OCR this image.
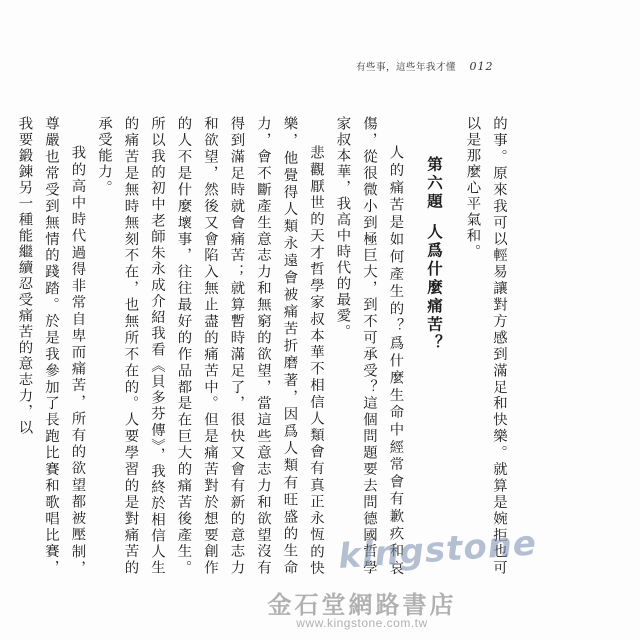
有些事，這些年我才懂 012

的事。原來我可以輕易讓對方感到滿足和快樂。就算是婉拒也可以是那麼心平氣和。

第六題人爲什麼痛苦？

人的痛苦是如何產生的？爲什麼生命中經常會有歉疚和哀傷，從很微小到極巨大，到不可承受？這個問題要去問德國哲學家叔本華，我高中時代的最愛。

悲觀厭世的天才哲學家叔本華不相信人類會有真正永恆的快樂，他覺得人類永遠會被痛苦折磨著，因爲人類有旺盛的生命力，會不斷產生意志力和無窮的欲望，當這些意志力和欲望沒有得到滿足時就會痛苦；就算暫時滿足了，很快又會有新的意志力和欲望，然後又會陷入無止盡的痛苦中。但是痛苦對於想要創作的人不是什麼壞事，往往最好的作品都是在巨大的痛苦後產生。所以我的初中老師朱永成介紹我看《貝多芬傳》，我終於相信人生的痛苦是無時無刻不在，也無所不在的。人要學習的是對痛苦的承受能力。

我的高中時代過得非常自卑而痛苦，所有的欲望都被壓制，尊嚴也常受到無情的踐踏。於是我參加了長跑比賽和歌唱比賽，我要鍛鍊另一種能繼續忍受痛苦的意志力，以

kingstone
金石堂網路書店
www.kingstone.com.tw
